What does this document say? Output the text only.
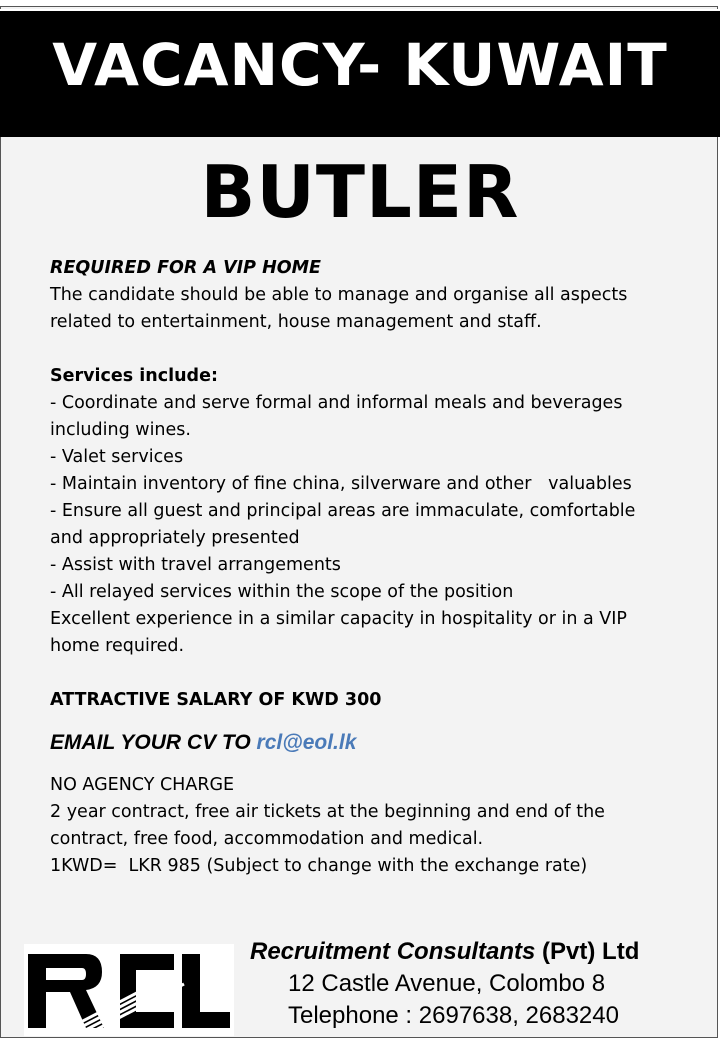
VACANCY- KUWAIT
BUTLER

REQUIRED FOR A VIP HOME

The candidate should be able to manage and organise all aspects

related to entertainment, house management and staff.

Services include:

- Coordinate and serve formal and informal meals and beverages

including wines.

- Valet services

- Maintain inventory of fine china, silverware and other   valuables

- Ensure all guest and principal areas are immaculate, comfortable

and appropriately presented

- Assist with travel arrangements

- All relayed services within the scope of the position

Excellent experience in a similar capacity in hospitality or in a VIP

home required.

ATTRACTIVE SALARY OF KWD 300

EMAIL YOUR CV TO rcl@eol.lk

NO AGENCY CHARGE

2 year contract, free air tickets at the beginning and end of the

contract, free food, accommodation and medical.

1KWD=  LKR 985 (Subject to change with the exchange rate)

Recruitment Consultants (Pvt) Ltd
12 Castle Avenue, Colombo 8
Telephone : 2697638, 2683240
